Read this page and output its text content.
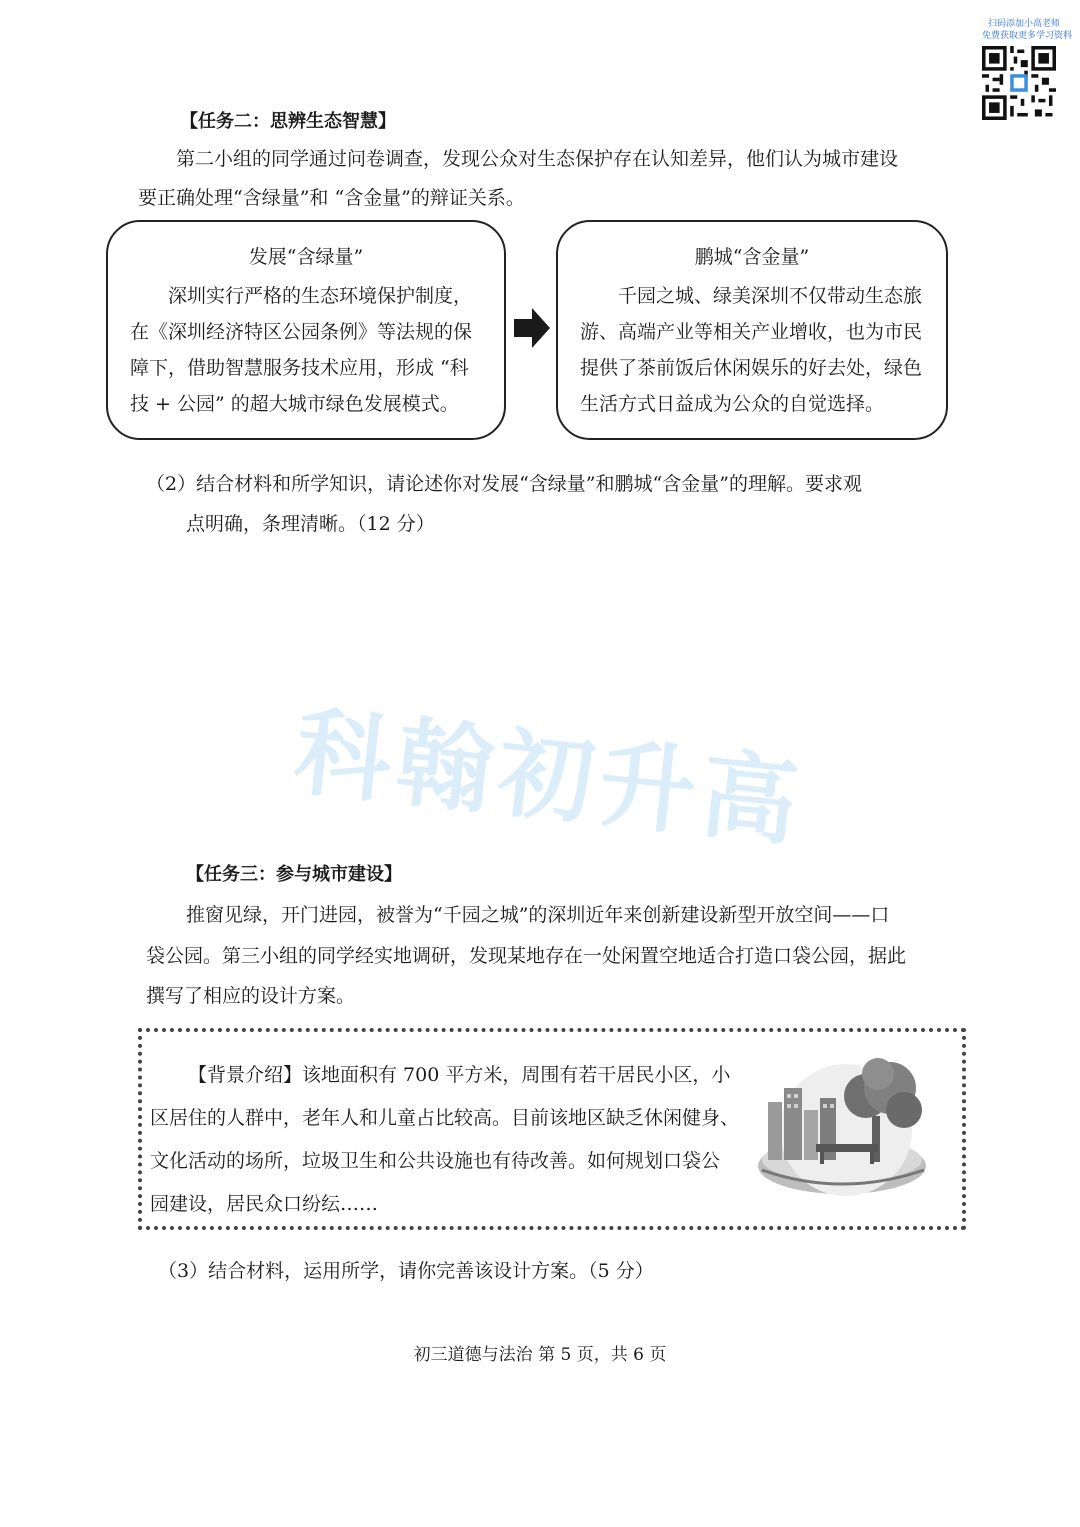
扫码添加小高老师
免费获取更多学习资料
【任务二：思辨生态智慧】
第二小组的同学通过问卷调查，发现公众对生态保护存在认知差异，他们认为城市建设
要正确处理“含绿量”和 “含金量”的辩证关系。
发展“含绿量”
深圳实行严格的生态环境保护制度，
在《深圳经济特区公园条例》等法规的保
障下，借助智慧服务技术应用，形成 “科
技 + 公园” 的超大城市绿色发展模式。
鹏城“含金量”
千园之城、绿美深圳不仅带动生态旅
游、高端产业等相关产业增收，也为市民
提供了茶前饭后休闲娱乐的好去处，绿色
生活方式日益成为公众的自觉选择。
（2）结合材料和所学知识，请论述你对发展“含绿量”和鹏城“含金量”的理解。要求观
点明确，条理清晰。（12 分）
科翰初升高
【任务三：参与城市建设】
推窗见绿，开门进园，被誉为“千园之城”的深圳近年来创新建设新型开放空间——口
袋公园。第三小组的同学经实地调研，发现某地存在一处闲置空地适合打造口袋公园，据此
撰写了相应的设计方案。
【背景介绍】该地面积有 700 平方米，周围有若干居民小区，小
区居住的人群中，老年人和儿童占比较高。目前该地区缺乏休闲健身、
文化活动的场所，垃圾卫生和公共设施也有待改善。如何规划口袋公
园建设，居民众口纷纭……
（3）结合材料，运用所学，请你完善该设计方案。（5 分）
初三道德与法治 第 5 页，共 6 页
